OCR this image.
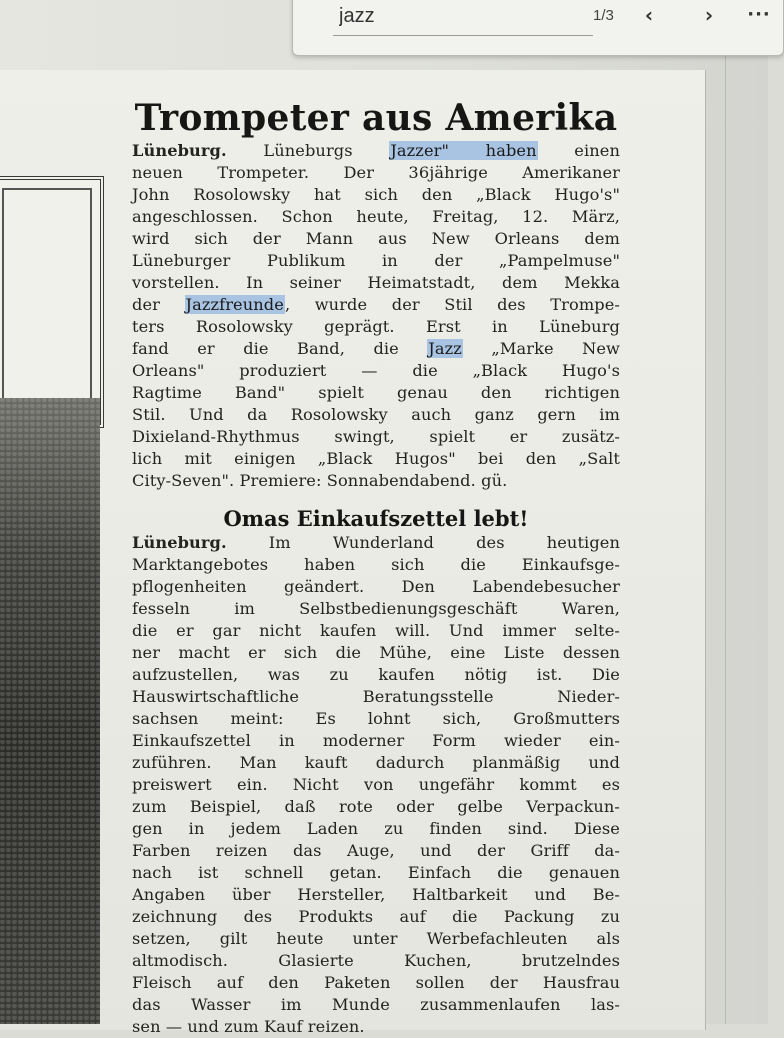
Trompeter aus Amerika
Lüneburg. Lüneburgs Jazzer" haben einen
neuen Trompeter. Der 36jährige Amerikaner
John Rosolowsky hat sich den „Black Hugo's"
angeschlossen. Schon heute, Freitag, 12. März,
wird sich der Mann aus New Orleans dem
Lüneburger Publikum in der „Pampelmuse"
vorstellen. In seiner Heimatstadt, dem Mekka
der Jazzfreunde, wurde der Stil des Trompe-
ters Rosolowsky geprägt. Erst in Lüneburg
fand er die Band, die Jazz „Marke New
Orleans" produziert — die „Black Hugo's
Ragtime Band" spielt genau den richtigen
Stil. Und da Rosolowsky auch ganz gern im
Dixieland-Rhythmus swingt, spielt er zusätz-
lich mit einigen „Black Hugos" bei den „Salt
City-Seven". Premiere: Sonnabendabend. gü.
Omas Einkaufszettel lebt!
Lüneburg. Im Wunderland des heutigen
Marktangebotes haben sich die Einkaufsge-
pflogenheiten geändert. Den Labendebesucher
fesseln im Selbstbedienungsgeschäft Waren,
die er gar nicht kaufen will. Und immer selte-
ner macht er sich die Mühe, eine Liste dessen
aufzustellen, was zu kaufen nötig ist. Die
Hauswirtschaftliche Beratungsstelle Nieder-
sachsen meint: Es lohnt sich, Großmutters
Einkaufszettel in moderner Form wieder ein-
zuführen. Man kauft dadurch planmäßig und
preiswert ein. Nicht von ungefähr kommt es
zum Beispiel, daß rote oder gelbe Verpackun-
gen in jedem Laden zu finden sind. Diese
Farben reizen das Auge, und der Griff da-
nach ist schnell getan. Einfach die genauen
Angaben über Hersteller, Haltbarkeit und Be-
zeichnung des Produkts auf die Packung zu
setzen, gilt heute unter Werbefachleuten als
altmodisch. Glasierte Kuchen, brutzelndes
Fleisch auf den Paketen sollen der Hausfrau
das Wasser im Munde zusammenlaufen las-
sen — und zum Kauf reizen.
jazz
1/3	‹	›	···
